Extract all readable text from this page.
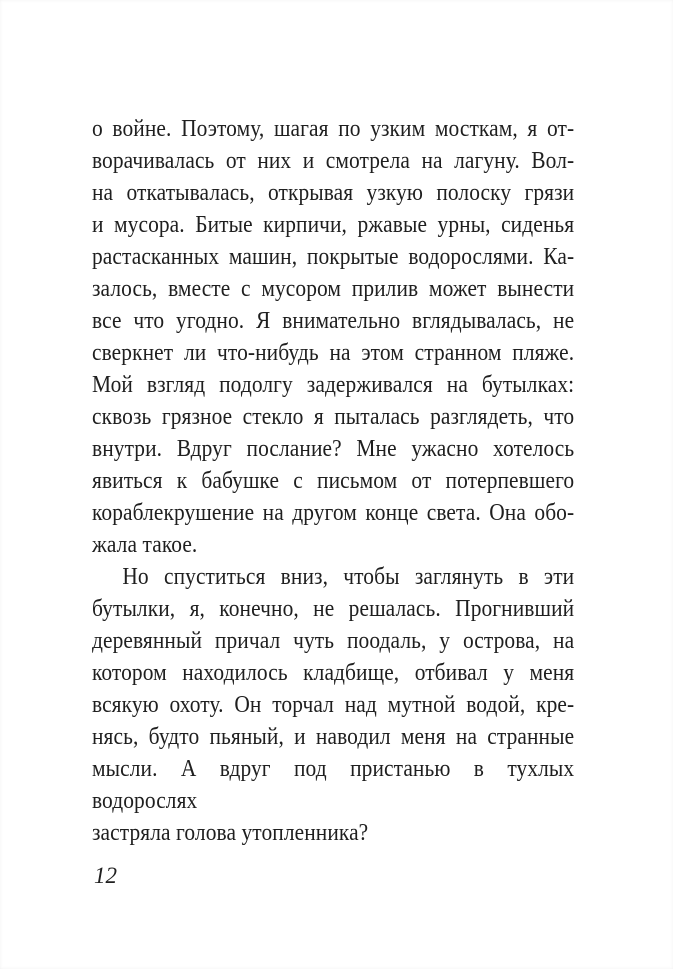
о войне. Поэтому, шагая по узким мосткам, я от-
ворачивалась от них и смотрела на лагуну. Вол-
на откатывалась, открывая узкую полоску грязи
и мусора. Битые кирпичи, ржавые урны, сиденья
растасканных машин, покрытые водорослями. Ка-
залось, вместе с мусором прилив может вынести
все что угодно. Я внимательно вглядывалась, не
сверкнет ли что-нибудь на этом странном пляже.
Мой взгляд подолгу задерживался на бутылках:
сквозь грязное стекло я пыталась разглядеть, что
внутри. Вдруг послание? Мне ужасно хотелось
явиться к бабушке с письмом от потерпевшего
кораблекрушение на другом конце света. Она обо-
жала такое.
Но спуститься вниз, чтобы заглянуть в эти
бутылки, я, конечно, не решалась. Прогнивший
деревянный причал чуть поодаль, у острова, на
котором находилось кладбище, отбивал у меня
всякую охоту. Он торчал над мутной водой, кре-
нясь, будто пьяный, и наводил меня на странные
мысли. А вдруг под пристанью в тухлых водорослях
застряла голова утопленника?
12
